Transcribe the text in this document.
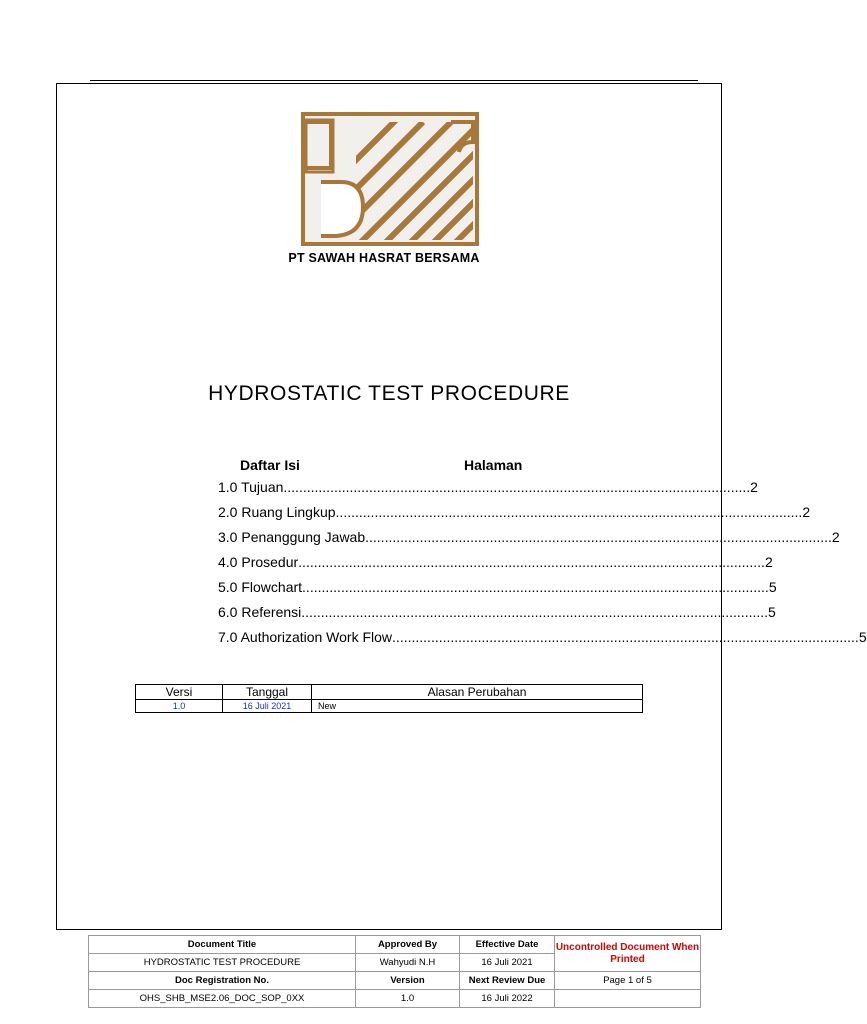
PT SAWAH HASRAT BERSAMA
HYDROSTATIC TEST PROCEDURE
Daftar Isi	Halaman
1.0 Tujuan ........................................................................................................................ 2
2.0 Ruang Lingkup ........................................................................................................................ 2
3.0 Penanggung Jawab ........................................................................................................................ 2
4.0 Prosedur ........................................................................................................................ 2
5.0 Flowchart ........................................................................................................................ 5
6.0 Referensi ........................................................................................................................ 5
7.0 Authorization Work Flow ........................................................................................................................ 5
Versi	Tanggal	Alasan Perubahan
1.0	16 Juli 2021	New
Document Title	Approved By	Effective Date	Uncontrolled Document When Printed
HYDROSTATIC TEST PROCEDURE	Wahyudi N.H	16 Juli 2021	
Doc Registration No.	Version	Next Review Due	Page 1 of 5
OHS_SHB_MSE2.06_DOC_SOP_0XX	1.0	16 Juli 2022	
